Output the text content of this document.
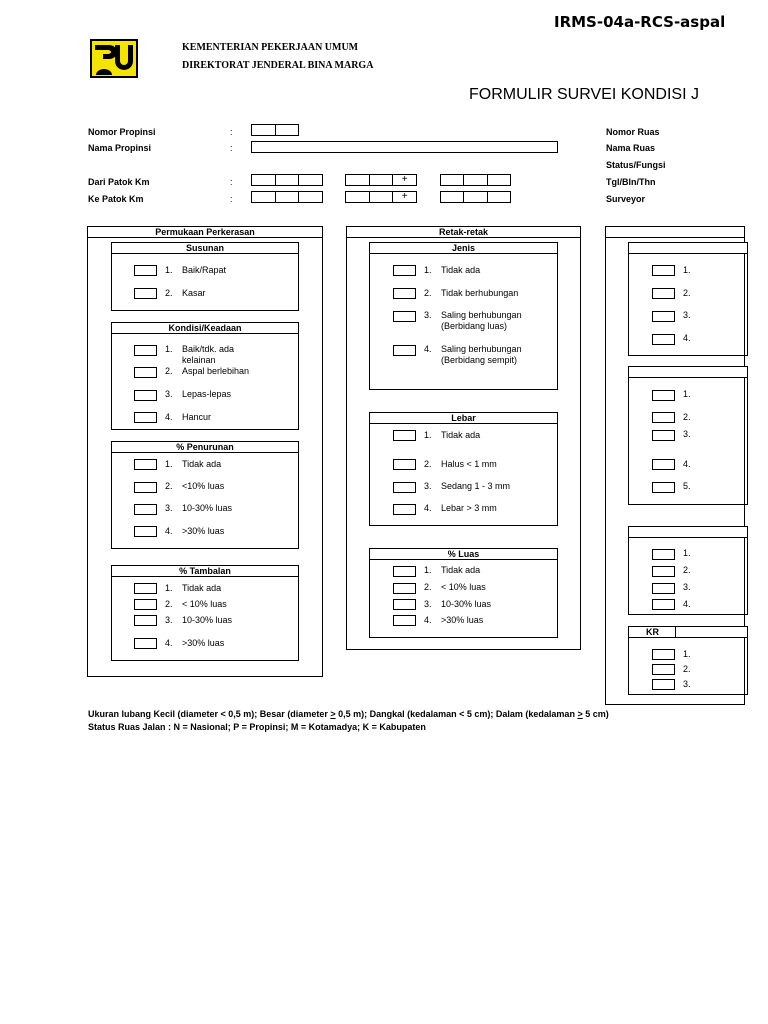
IRMS-04a-RCS-aspal
KEMENTERIAN PEKERJAAN UMUM
DIREKTORAT JENDERAL BINA MARGA
FORMULIR SURVEI KONDISI J
Nomor Propinsi	:
Nama Propinsi	:
Dari Patok Km	:	+
Ke Patok Km	:	+
Nomor Ruas
Nama Ruas
Status/Fungsi
Tgl/Bln/Thn
Surveyor
Permukaan Perkerasan
Susunan
1. Baik/Rapat
2. Kasar
Kondisi/Keadaan
1. Baik/tdk. ada
kelainan
2. Aspal berlebihan
3. Lepas-lepas
4. Hancur
% Penurunan
1. Tidak ada
2. <10% luas
3. 10-30% luas
4. >30% luas
% Tambalan
1. Tidak ada
2. < 10% luas
3. 10-30% luas
4. >30% luas
Retak-retak
Jenis
1. Tidak ada
2. Tidak berhubungan
3. Saling berhubungan
(Berbidang luas)
4. Saling berhubungan
(Berbidang sempit)
Lebar
1. Tidak ada
2. Halus < 1 mm
3. Sedang 1 - 3 mm
4. Lebar > 3 mm
% Luas
1. Tidak ada
2. < 10% luas
3. 10-30% luas
4. >30% luas
1.
2.
3.
4.
1.
2.
3.
4.
5.
1.
2.
3.
4.
KR
1.
2.
3.
Ukuran lubang Kecil (diameter < 0,5 m); Besar (diameter > 0,5 m); Dangkal (kedalaman < 5 cm); Dalam (kedalaman > 5 cm)
Status Ruas Jalan : N = Nasional; P = Propinsi; M = Kotamadya; K = Kabupaten
